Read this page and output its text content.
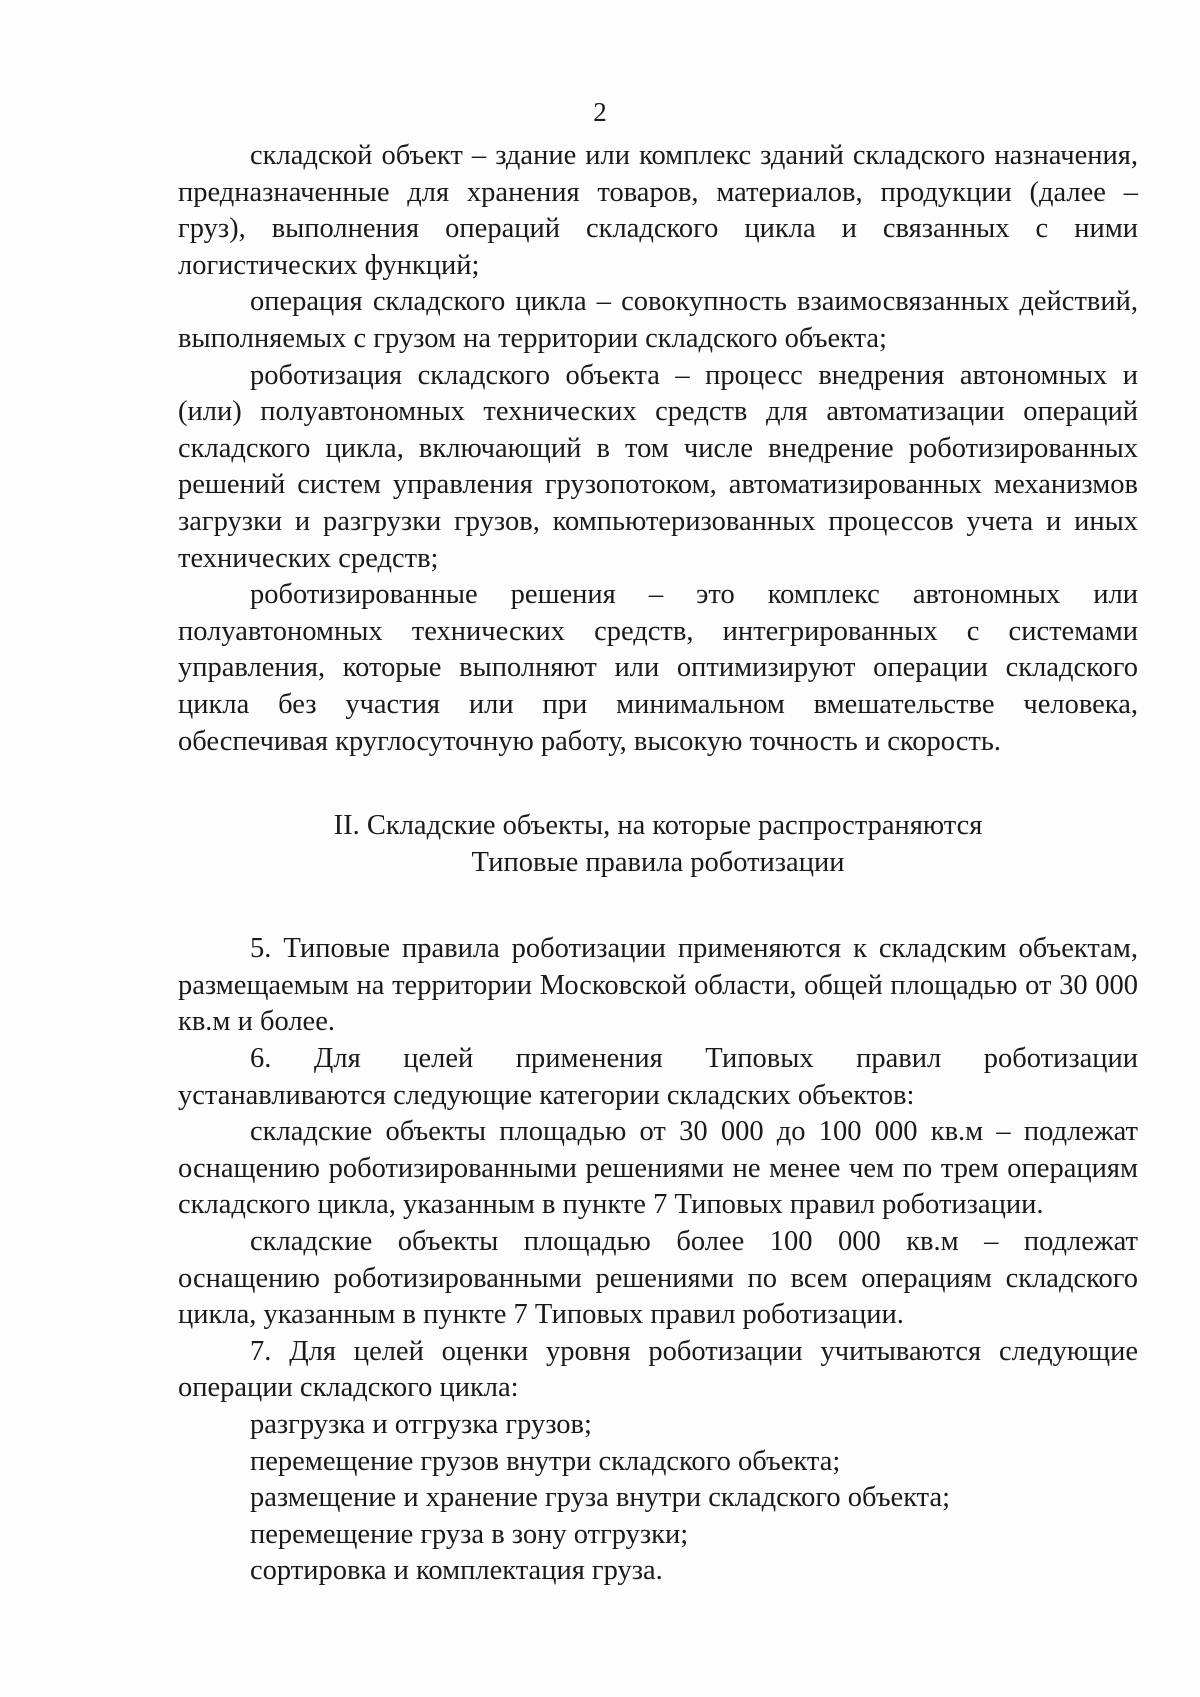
2

складской объект – здание или комплекс зданий складского назначения, предназначенные для хранения товаров, материалов, продукции (далее – груз), выполнения операций складского цикла и связанных с ними логистических функций;

операция складского цикла – совокупность взаимосвязанных действий, выполняемых с грузом на территории складского объекта;

роботизация складского объекта – процесс внедрения автономных и (или) полуавтономных технических средств для автоматизации операций складского цикла, включающий в том числе внедрение роботизированных решений систем управления грузопотоком, автоматизированных механизмов загрузки и разгрузки грузов, компьютеризованных процессов учета и иных технических средств;

роботизированные решения – это комплекс автономных или полуавтономных технических средств, интегрированных с системами управления, которые выполняют или оптимизируют операции складского цикла без участия или при минимальном вмешательстве человека, обеспечивая круглосуточную работу, высокую точность и скорость.

II. Складские объекты, на которые распространяются
Типовые правила роботизации

5. Типовые правила роботизации применяются к складским объектам, размещаемым на территории Московской области, общей площадью от 30 000 кв.м и более.

6. Для целей применения Типовых правил роботизации устанавливаются следующие категории складских объектов:

складские объекты площадью от 30 000 до 100 000 кв.м – подлежат оснащению роботизированными решениями не менее чем по трем операциям складского цикла, указанным в пункте 7 Типовых правил роботизации.

складские объекты площадью более 100 000 кв.м – подлежат оснащению роботизированными решениями по всем операциям складского цикла, указанным в пункте 7 Типовых правил роботизации.

7. Для целей оценки уровня роботизации учитываются следующие операции складского цикла:

разгрузка и отгрузка грузов;

перемещение грузов внутри складского объекта;

размещение и хранение груза внутри складского объекта;

перемещение груза в зону отгрузки;

сортировка и комплектация груза.
